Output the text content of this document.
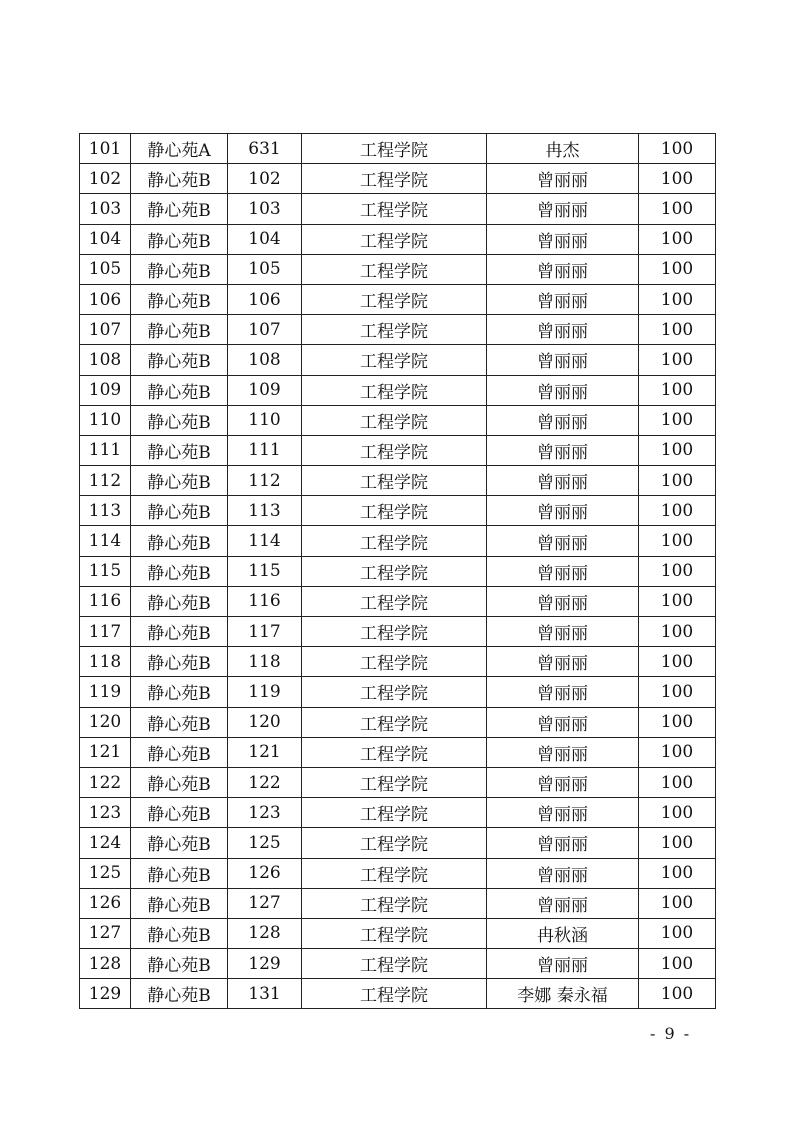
101	静心苑A	631	工程学院	冉杰	100
102	静心苑B	102	工程学院	曾丽丽	100
103	静心苑B	103	工程学院	曾丽丽	100
104	静心苑B	104	工程学院	曾丽丽	100
105	静心苑B	105	工程学院	曾丽丽	100
106	静心苑B	106	工程学院	曾丽丽	100
107	静心苑B	107	工程学院	曾丽丽	100
108	静心苑B	108	工程学院	曾丽丽	100
109	静心苑B	109	工程学院	曾丽丽	100
110	静心苑B	110	工程学院	曾丽丽	100
111	静心苑B	111	工程学院	曾丽丽	100
112	静心苑B	112	工程学院	曾丽丽	100
113	静心苑B	113	工程学院	曾丽丽	100
114	静心苑B	114	工程学院	曾丽丽	100
115	静心苑B	115	工程学院	曾丽丽	100
116	静心苑B	116	工程学院	曾丽丽	100
117	静心苑B	117	工程学院	曾丽丽	100
118	静心苑B	118	工程学院	曾丽丽	100
119	静心苑B	119	工程学院	曾丽丽	100
120	静心苑B	120	工程学院	曾丽丽	100
121	静心苑B	121	工程学院	曾丽丽	100
122	静心苑B	122	工程学院	曾丽丽	100
123	静心苑B	123	工程学院	曾丽丽	100
124	静心苑B	125	工程学院	曾丽丽	100
125	静心苑B	126	工程学院	曾丽丽	100
126	静心苑B	127	工程学院	曾丽丽	100
127	静心苑B	128	工程学院	冉秋涵	100
128	静心苑B	129	工程学院	曾丽丽	100
129	静心苑B	131	工程学院	李娜 秦永福	100
- 9 -
